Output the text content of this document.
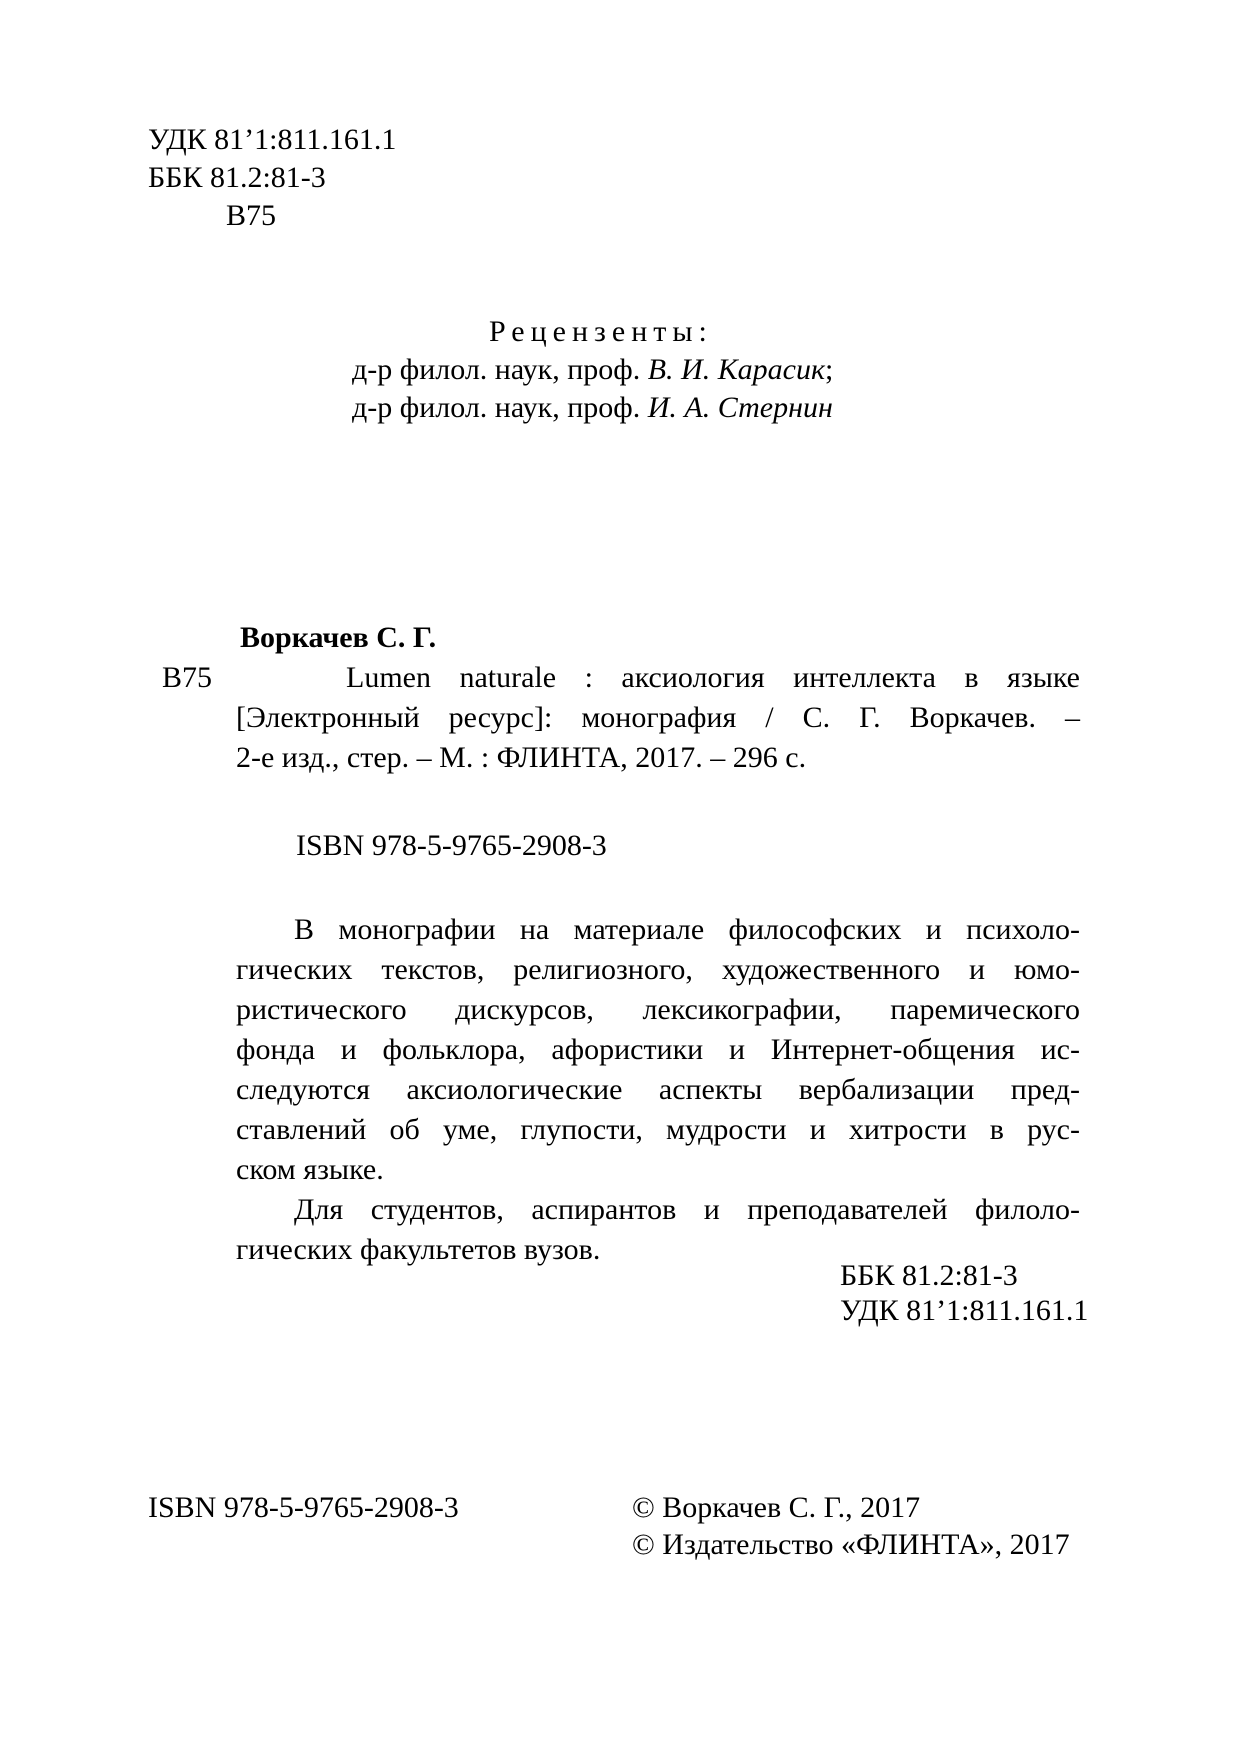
УДК 81’1:811.161.1
ББК 81.2:81-3
В75
Рецензенты:
д-р филол. наук, проф. В. И. Карасик;
д-р филол. наук, проф. И. А. Стернин
Воркачев С. Г.
В75	Lumen naturale : аксиология интеллекта в языке
[Электронный ресурс]: монография / С. Г. Воркачев. –
2-е изд., стер. – М. : ФЛИНТА, 2017. – 296 с.
ISBN 978-5-9765-2908-3
В монографии на материале философских и психоло-
гических текстов, религиозного, художественного и юмо-
ристического дискурсов, лексикографии, паремического
фонда и фольклора, афористики и Интернет-общения ис-
следуются аксиологические аспекты вербализации пред-
ставлений об уме, глупости, мудрости и хитрости в рус-
ском языке.
Для студентов, аспирантов и преподавателей филоло-
гических факультетов вузов.
ББК 81.2:81-3
УДК 81’1:811.161.1
ISBN 978-5-9765-2908-3	© Воркачев С. Г., 2017
© Издательство «ФЛИНТА», 2017
